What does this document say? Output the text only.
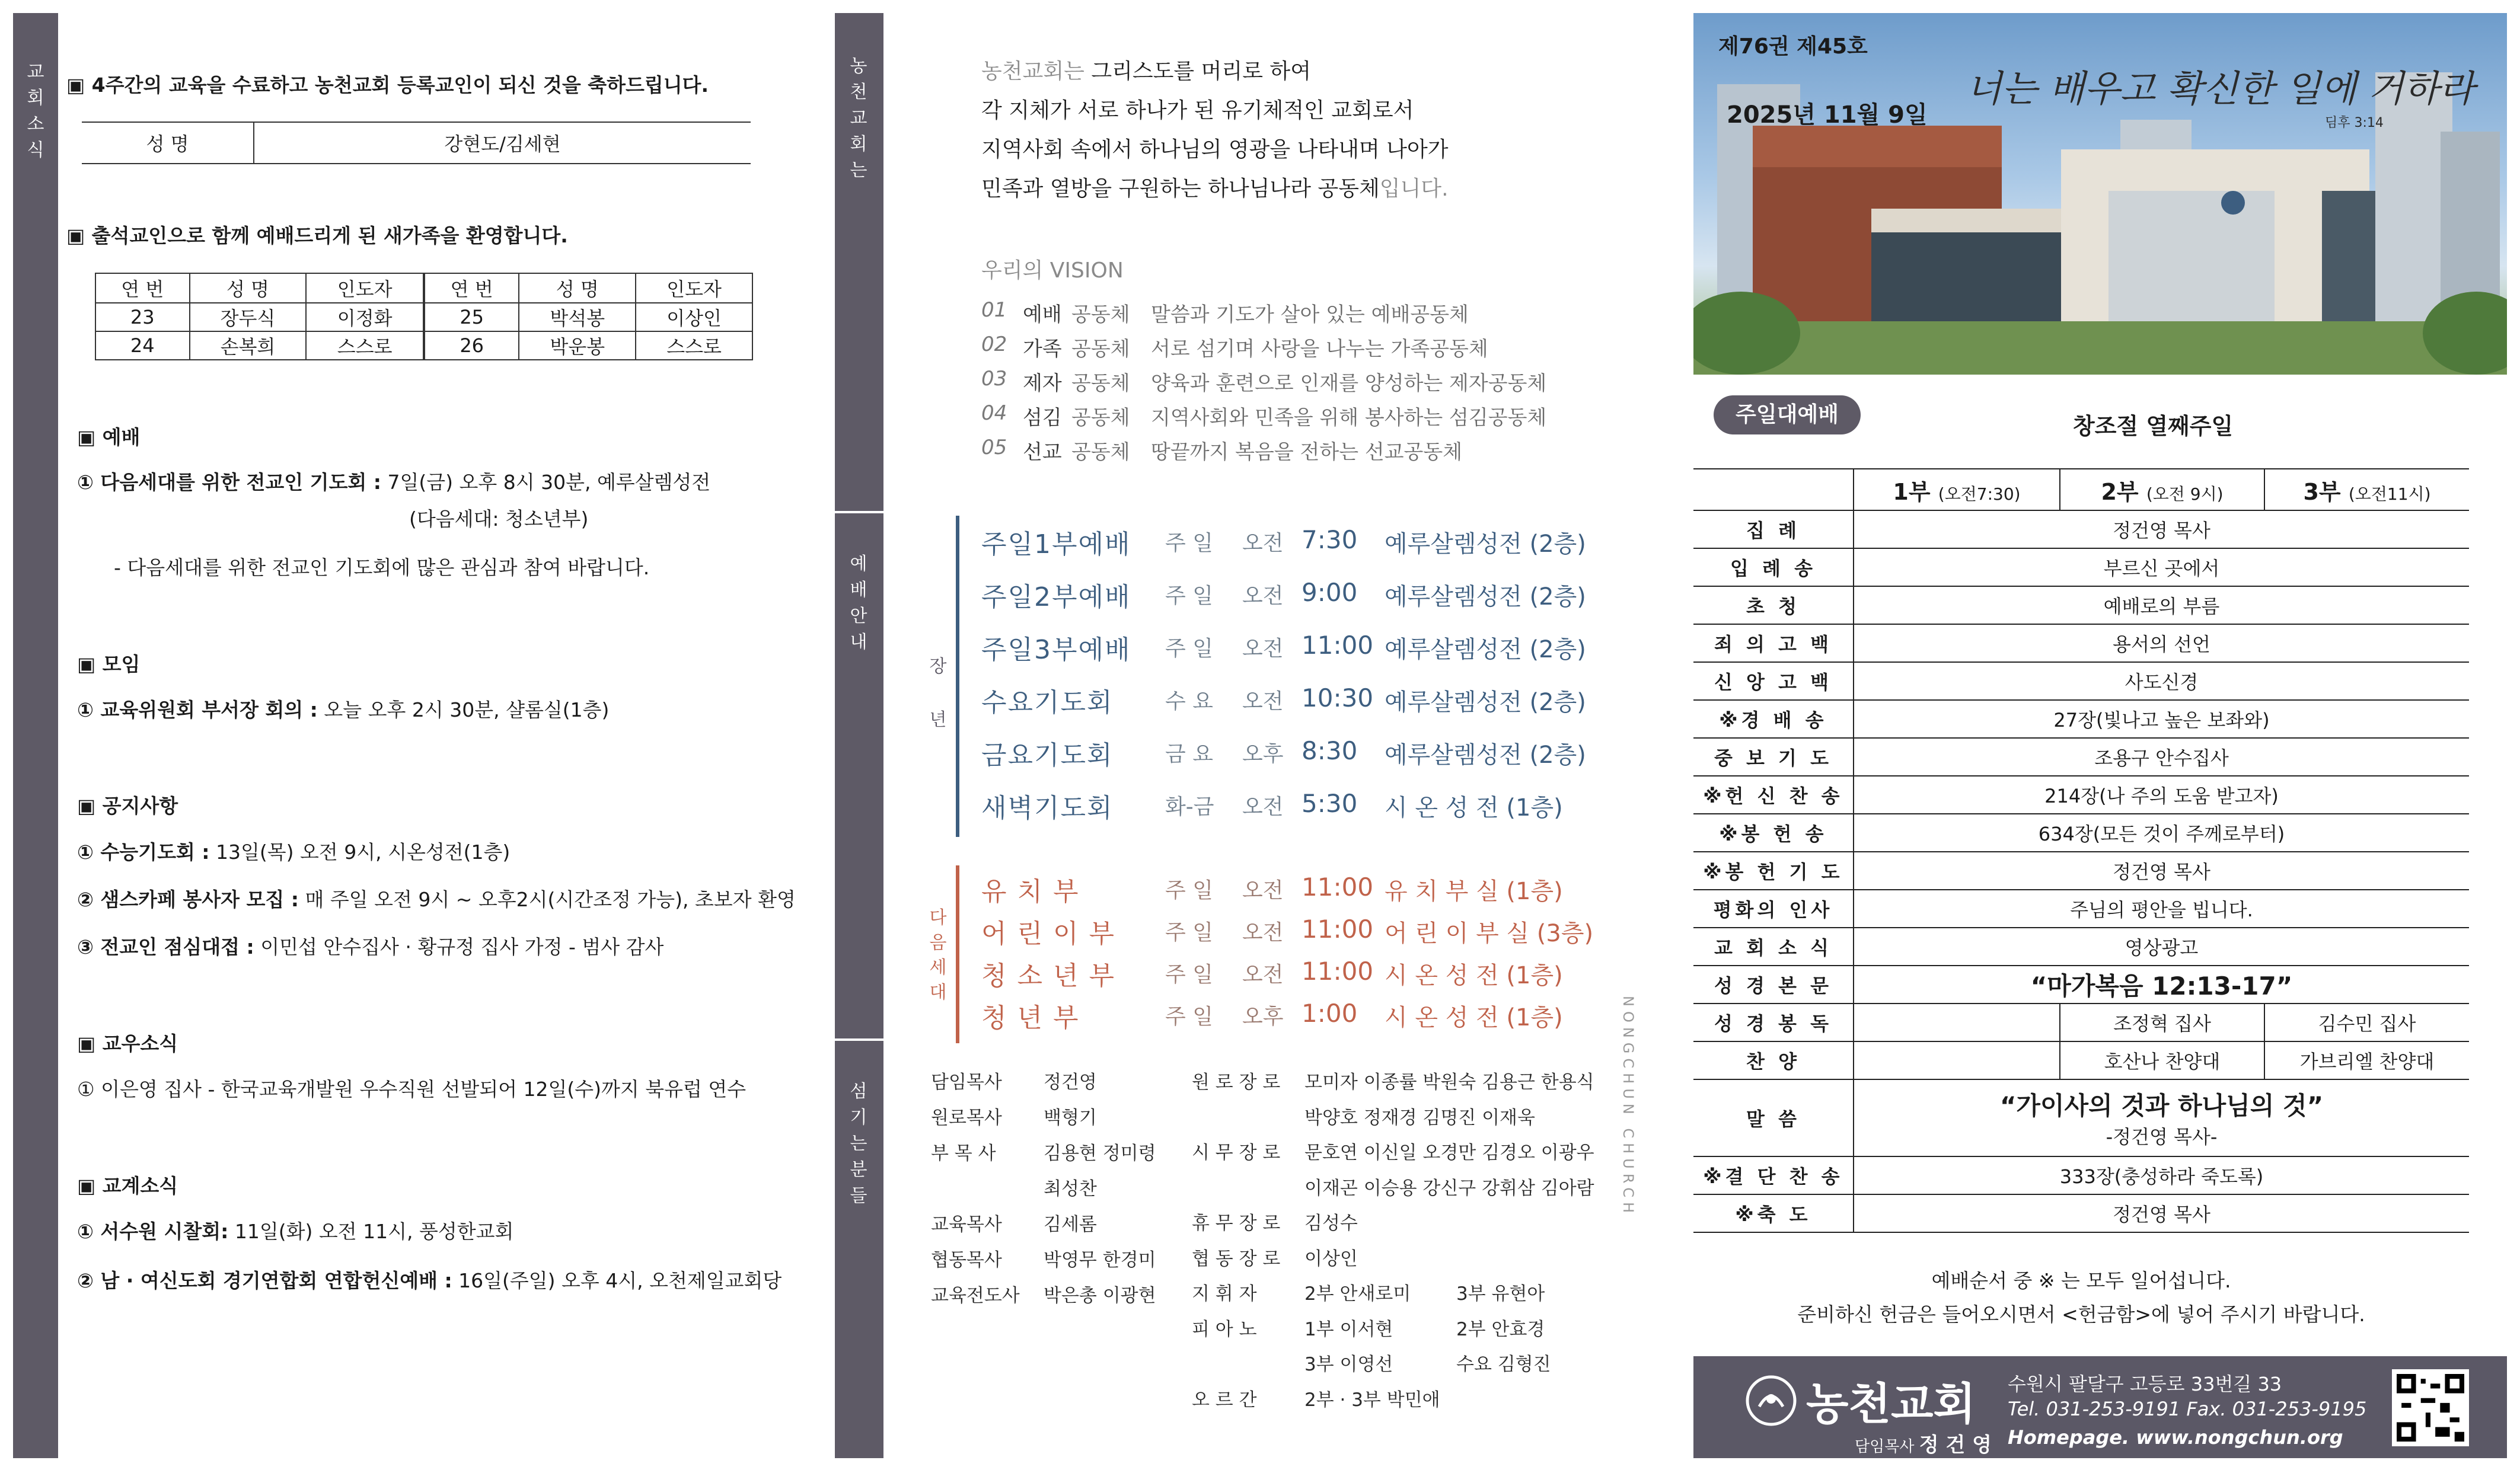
교
회
소
식
▣ 4주간의 교육을 수료하고 농천교회 등록교인이 되신 것을 축하드립니다.
성 명	강현도/김세현
▣ 출석교인으로 함께 예배드리게 된 새가족을 환영합니다.
연 번	성 명	인도자	연 번	성 명	인도자
23	장두식	이정화	25	박석봉	이상인
24	손복희	스스로	26	박운봉	스스로
▣ 예배
① 다음세대를 위한 전교인 기도회 : 7일(금) 오후 8시 30분, 예루살렘성전
(다음세대: 청소년부)
- 다음세대를 위한 전교인 기도회에 많은 관심과 참여 바랍니다.
▣ 모임
① 교육위원회 부서장 회의 : 오늘 오후 2시 30분, 샬롬실(1층)
▣ 공지사항
① 수능기도회 : 13일(목) 오전 9시, 시온성전(1층)
② 샘스카페 봉사자 모집 : 매 주일 오전 9시 ~ 오후2시(시간조정 가능), 초보자 환영
③ 전교인 점심대접 : 이민섭 안수집사 · 황규정 집사 가정 - 범사 감사
▣ 교우소식
① 이은영 집사 - 한국교육개발원 우수직원 선발되어 12일(수)까지 북유럽 연수
▣ 교계소식
① 서수원 시찰회: 11일(화) 오전 11시, 풍성한교회
② 남 · 여신도회 경기연합회 연합헌신예배 : 16일(주일) 오후 4시, 오천제일교회당
농
천
교
회
는
예
배
안
내
장
년
다
음
세
대
섬
기
는
분
들
농천교회는 그리스도를 머리로 하여
각 지체가 서로 하나가 된 유기체적인 교회로서
지역사회 속에서 하나님의 영광을 나타내며 나아가
민족과 열방을 구원하는 하나님나라 공동체입니다.
우리의 VISION
01 예배 공동체 말씀과 기도가 살아 있는 예배공동체
02 가족 공동체 서로 섬기며 사랑을 나누는 가족공동체
03 제자 공동체 양육과 훈련으로 인재를 양성하는 제자공동체
04 섬김 공동체 지역사회와 민족을 위해 봉사하는 섬김공동체
05 선교 공동체 땅끝까지 복음을 전하는 선교공동체
주일1부예배 주 일 오전 7:30 예루살렘성전 (2층)
주일2부예배 주 일 오전 9:00 예루살렘성전 (2층)
주일3부예배 주 일 오전 11:00 예루살렘성전 (2층)
수요기도회 수 요 오전 10:30 예루살렘성전 (2층)
금요기도회 금 요 오후 8:30 예루살렘성전 (2층)
새벽기도회 화-금 오전 5:30 시 온 성 전 (1층)
유 치 부	주 일 오전 11:00 유 치 부 실 (1층)
어 린 이 부 주 일 오전 11:00 어 린 이 부 실 (3층)
청 소 년 부 주 일 오전 11:00 시 온 성 전 (1층)
청 년 부	주 일 오후 1:00 시 온 성 전 (1층)
담임목사 정건영
원로목사 백형기
부 목 사	김용현 정미령
최성찬
교육목사 김세롬
협동목사 박영무 한경미
교육전도사 박은총 이광현
원 로 장 로 모미자 이종률 박원숙 김용근 한용식
박양호 정재경 김명진 이재욱
시 무 장 로 문호연 이신일 오경만 김경오 이광우
이재곤 이승용 강신구 강휘삼 김아람
휴 무 장 로 김성수
협 동 장 로 이상인
지 휘 자	2부 안새로미 3부 유현아
피 아 노	1부 이서현	2부 안효경
3부 이영선	수요 김형진
오 르 간	2부 · 3부 박민애
NONGCHUN CHURCH
제76권 제45호
2025년 11월 9일
너는 배우고 확신한 일에 거하라
딤후 3:14
주일대예배	창조절 열째주일
	1부 (오전7:30)	2부 (오전 9시)	3부 (오전11시)
집 례	정건영 목사		
입 례 송	부르신 곳에서		
초 청	예배로의 부름		
죄 의 고 백	용서의 선언		
신 앙 고 백	사도신경		
※경 배 송	27장(빛나고 높은 보좌와)		
중 보 기 도	조용구 안수집사		
※헌 신 찬 송	214장(나 주의 도움 받고자)		
※봉 헌 송	634장(모든 것이 주께로부터)		
※봉 헌 기 도	정건영 목사		
평화의 인사	주님의 평안을 빕니다.		
교 회 소 식	영상광고		
성 경 본 문	“마가복음 12:13-17”		
성 경 봉 독		조정혁 집사	김수민 집사
찬 양		호산나 찬양대	가브리엘 찬양대
말 씀	“가이사의 것과 하나님의 것”
-정건영 목사-		

※결 단 찬 송	333장(충성하라 죽도록)		
※축 도	정건영 목사		
예배순서 중 ※ 는 모두 일어섭니다.
준비하신 헌금은 들어오시면서 <헌금함>에 넣어 주시기 바랍니다.
농천교회
담임목사 정 건 영
수원시 팔달구 고등로 33번길 33
Tel. 031-253-9191 Fax. 031-253-9195
Homepage. www.nongchun.org
